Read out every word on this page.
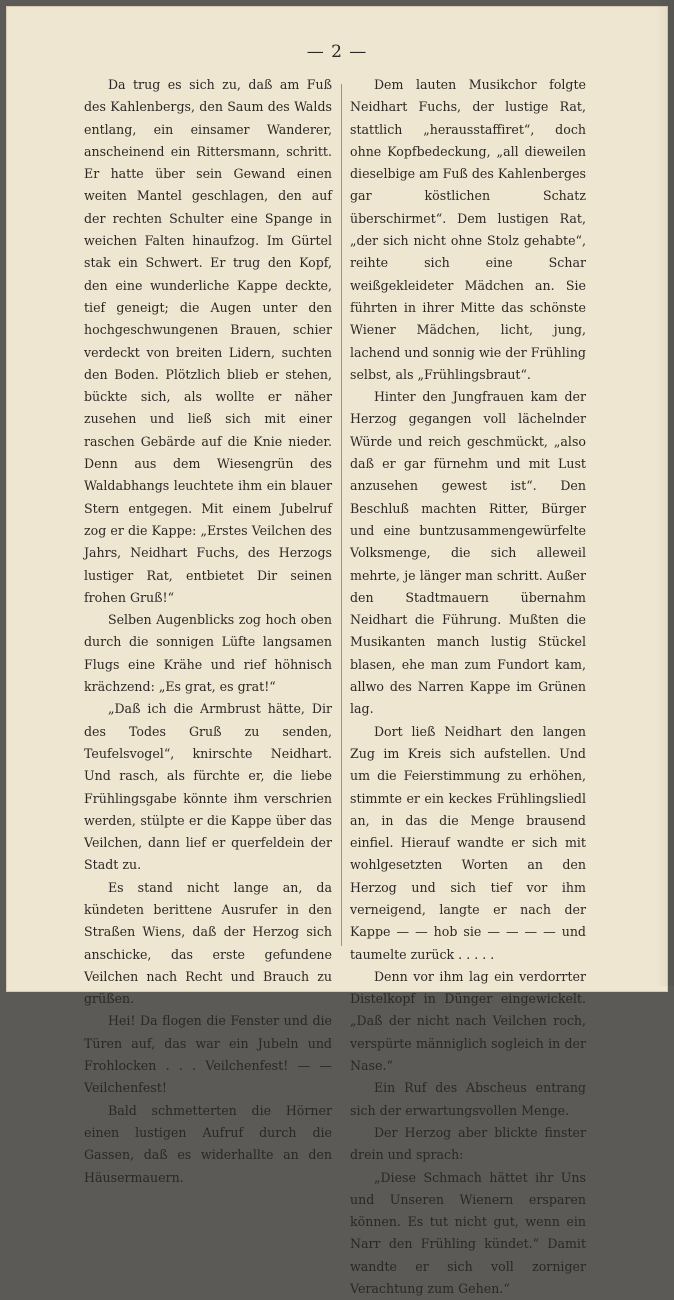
— 2 —

Da trug es sich zu, daß am Fuß des Kahlenbergs, den Saum des Walds entlang, ein einsamer Wanderer, anscheinend ein Rittersmann, schritt. Er hatte über sein Gewand einen weiten Mantel geschlagen, den auf der rechten Schulter eine Spange in weichen Falten hinaufzog. Im Gürtel stak ein Schwert. Er trug den Kopf, den eine wunderliche Kappe deckte, tief geneigt; die Augen unter den hochgeschwungenen Brauen, schier verdeckt von breiten Lidern, suchten den Boden. Plötzlich blieb er stehen, bückte sich, als wollte er näher zusehen und ließ sich mit einer raschen Gebärde auf die Knie nieder. Denn aus dem Wiesengrün des Waldabhangs leuchtete ihm ein blauer Stern entgegen. Mit einem Jubelruf zog er die Kappe: „Erstes Veilchen des Jahrs, Neidhart Fuchs, des Herzogs lustiger Rat, entbietet Dir seinen frohen Gruß!“

Selben Augenblicks zog hoch oben durch die sonnigen Lüfte langsamen Flugs eine Krähe und rief höhnisch krächzend: „Es grat, es grat!“

„Daß ich die Armbrust hätte, Dir des Todes Gruß zu senden, Teufelsvogel“, knirschte Neidhart. Und rasch, als fürchte er, die liebe Frühlingsgabe könnte ihm verschrien werden, stülpte er die Kappe über das Veilchen, dann lief er querfeldein der Stadt zu.

Es stand nicht lange an, da kündeten berittene Ausrufer in den Straßen Wiens, daß der Herzog sich anschicke, das erste gefundene Veilchen nach Recht und Brauch zu grüßen.

Hei! Da flogen die Fenster und die Türen auf, das war ein Jubeln und Frohlocken . . . Veilchenfest! — — Veilchenfest!

Bald schmetterten die Hörner einen lustigen Aufruf durch die Gassen, daß es widerhallte an den Häusermauern.

Dem lauten Musikchor folgte Neidhart Fuchs, der lustige Rat, stattlich „herausstaffiret“, doch ohne Kopfbedeckung, „all dieweilen dieselbige am Fuß des Kahlenberges gar köstlichen Schatz überschirmet“. Dem lustigen Rat, „der sich nicht ohne Stolz gehabte“, reihte sich eine Schar weißgekleideter Mädchen an. Sie führten in ihrer Mitte das schönste Wiener Mädchen, licht, jung, lachend und sonnig wie der Frühling selbst, als „Frühlingsbraut“.

Hinter den Jungfrauen kam der Herzog gegangen voll lächelnder Würde und reich geschmückt, „also daß er gar fürnehm und mit Lust anzusehen gewest ist“. Den Beschluß machten Ritter, Bürger und eine buntzusammengewürfelte Volksmenge, die sich alleweil mehrte, je länger man schritt. Außer den Stadtmauern übernahm Neidhart die Führung. Mußten die Musikanten manch lustig Stückel blasen, ehe man zum Fundort kam, allwo des Narren Kappe im Grünen lag.

Dort ließ Neidhart den langen Zug im Kreis sich aufstellen. Und um die Feierstimmung zu erhöhen, stimmte er ein keckes Frühlingsliedl an, in das die Menge brausend einfiel. Hierauf wandte er sich mit wohlgesetzten Worten an den Herzog und sich tief vor ihm verneigend, langte er nach der Kappe — — hob sie — — — — und taumelte zurück . . . . .

Denn vor ihm lag ein verdorrter Distelkopf in Dünger eingewickelt. „Daß der nicht nach Veilchen roch, verspürte männiglich sogleich in der Nase.“

Ein Ruf des Abscheus entrang sich der erwartungsvollen Menge.

Der Herzog aber blickte finster drein und sprach:

„Diese Schmach hättet ihr Uns und Unseren Wienern ersparen können. Es tut nicht gut, wenn ein Narr den Frühling kündet.“ Damit wandte er sich voll zorniger Verachtung zum Gehen.“
